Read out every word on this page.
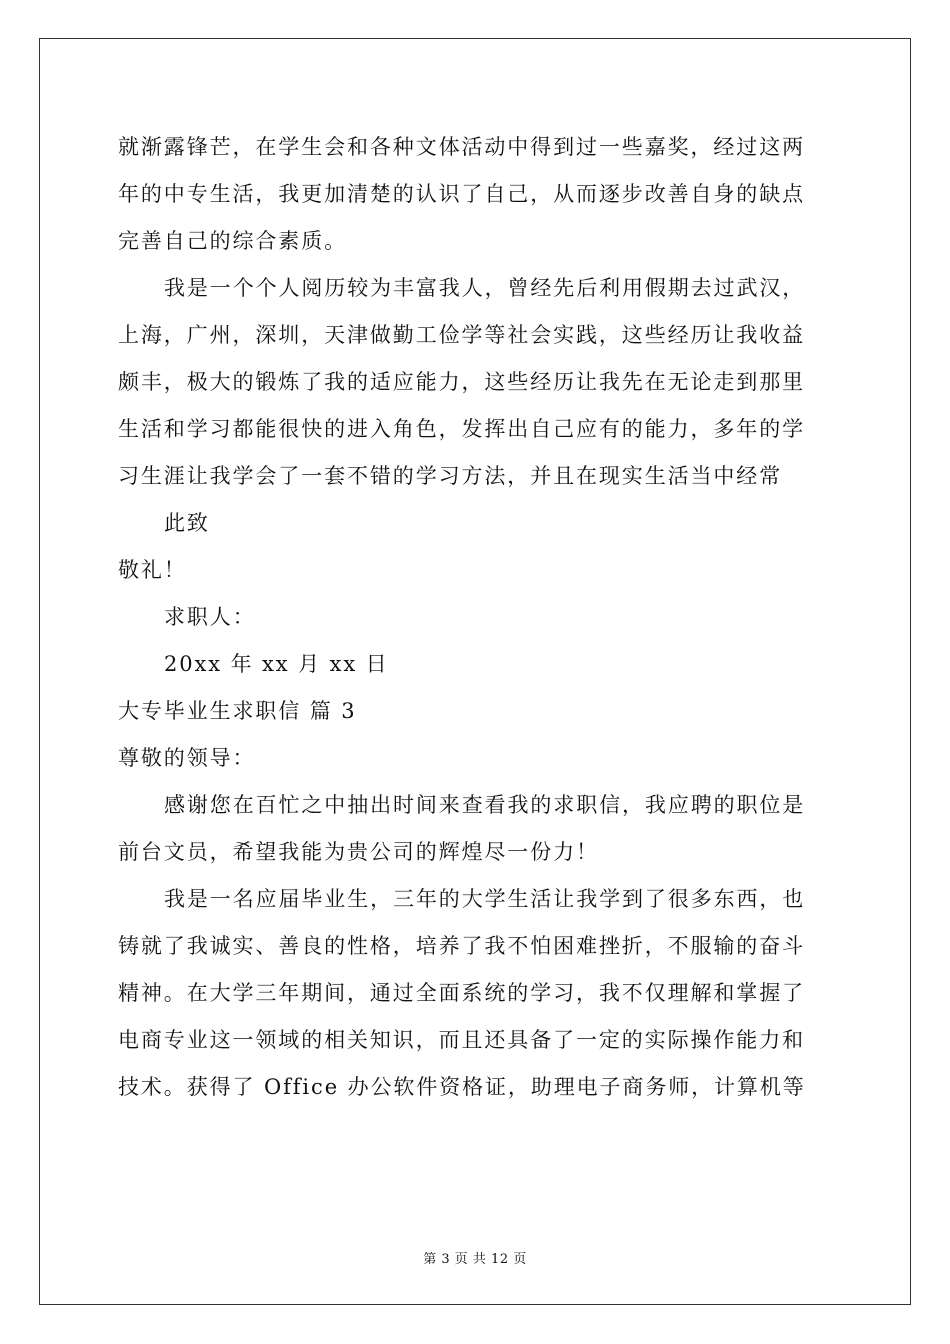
就渐露锋芒，在学生会和各种文体活动中得到过一些嘉奖，经过这两
年的中专生活，我更加清楚的认识了自己，从而逐步改善自身的缺点
完善自己的综合素质。
我是一个个人阅历较为丰富我人，曾经先后利用假期去过武汉，
上海，广州，深圳，天津做勤工俭学等社会实践，这些经历让我收益
颇丰，极大的锻炼了我的适应能力，这些经历让我先在无论走到那里
生活和学习都能很快的进入角色，发挥出自己应有的能力，多年的学
习生涯让我学会了一套不错的学习方法，并且在现实生活当中经常
此致
敬礼！
求职人：
20xx 年 xx 月 xx 日
大专毕业生求职信 篇 3
尊敬的领导：
感谢您在百忙之中抽出时间来查看我的求职信，我应聘的职位是
前台文员，希望我能为贵公司的辉煌尽一份力！
我是一名应届毕业生，三年的大学生活让我学到了很多东西，也
铸就了我诚实、善良的性格，培养了我不怕困难挫折，不服输的奋斗
精神。在大学三年期间，通过全面系统的学习，我不仅理解和掌握了
电商专业这一领域的相关知识，而且还具备了一定的实际操作能力和
技术。获得了 Office 办公软件资格证，助理电子商务师，计算机等
第 3 页 共 12 页
